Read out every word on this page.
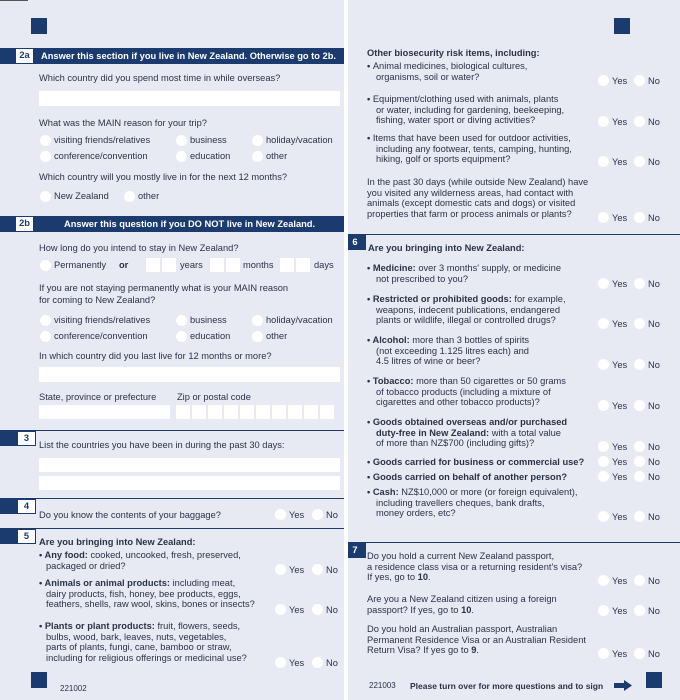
2a	Answer this section if you live in New Zealand. Otherwise go to 2b.
Which country did you spend most time in while overseas?
What was the MAIN reason for your trip?
visiting friends/relatives	business	holiday/vacation
conference/convention	education	other
Which country will you mostly live in for the next 12 months?
New Zealand	other
2b	Answer this question if you DO NOT live in New Zealand.
How long do you intend to stay in New Zealand?
Permanently or	years	months	days
If you are not staying permanently what is your MAIN reason
for coming to New Zealand?
visiting friends/relatives	business	holiday/vacation
conference/convention	education	other
In which country did you last live for 12 months or more?
State, province or prefecture Zip or postal code
3
List the countries you have been in during the past 30 days:
4
Do you know the contents of your baggage?	Yes No
5
Are you bringing into New Zealand:
• Any food: cooked, uncooked, fresh, preserved,
packaged or dried?	Yes No
• Animals or animal products: including meat,
dairy products, fish, honey, bee products, eggs,
feathers, shells, raw wool, skins, bones or insects?
Yes No
• Plants or plant products: fruit, flowers, seeds,
bulbs, wood, bark, leaves, nuts, vegetables,
parts of plants, fungi, cane, bamboo or straw,
including for religious offerings or medicinal use?
Yes No
221002
Other biosecurity risk items, including:
• Animal medicines, biological cultures,
organisms, soil or water?	Yes No
• Equipment/clothing used with animals, plants
or water, including for gardening, beekeeping,
fishing, water sport or diving activities?	Yes No
• Items that have been used for outdoor activities,
including any footwear, tents, camping, hunting,
hiking, golf or sports equipment?	Yes No
In the past 30 days (while outside New Zealand) have
you visited any wilderness areas, had contact with
animals (except domestic cats and dogs) or visited
properties that farm or process animals or plants?	Yes No
6
Are you bringing into New Zealand:
• Medicine: over 3 months' supply, or medicine
not prescribed to you?
Yes No
• Restricted or prohibited goods: for example,
weapons, indecent publications, endangered
plants or wildlife, illegal or controlled drugs?	Yes No
• Alcohol: more than 3 bottles of spirits
(not exceeding 1.125 litres each) and
4.5 litres of wine or beer?	Yes No
• Tobacco: more than 50 cigarettes or 50 grams
of tobacco products (including a mixture of
cigarettes and other tobacco products)?	Yes No
• Goods obtained overseas and/or purchased
duty-free in New Zealand: with a total value
of more than NZ$700 (including gifts)?	Yes No
• Goods carried for business or commercial use?	Yes No
• Goods carried on behalf of another person?	Yes No
• Cash: NZ$10,000 or more (or foreign equivalent),
including travellers cheques, bank drafts,
money orders, etc?	Yes No
7
Do you hold a current New Zealand passport,
a residence class visa or a returning resident's visa?
If yes, go to 10.	Yes No
Are you a New Zealand citizen using a foreign
passport? If yes, go to 10.	Yes No
Do you hold an Australian passport, Australian
Permanent Residence Visa or an Australian Resident
Return Visa? If yes go to 9.	Yes No
221003 Please turn over for more questions and to sign
